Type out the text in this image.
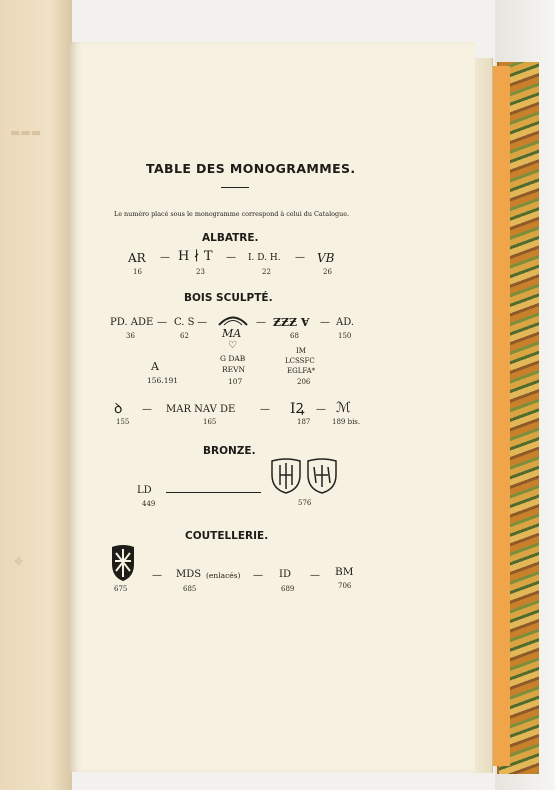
▬▬▬
✥
TABLE DES MONOGRAMMES.
Le numéro placé sous le monogramme correspond à celui du Catalogue.
ALBATRE.
AR
16
— H ∤ T
23
— I. D. H.
22
— VB
26
BOIS SCULPTÉ.
PD. ADE
36
— C. S
62
—
MA
♡
— ƵƵƵ Ɐ
68
— AD.
150
A
156.191
G DAB
REVN
107
IM
LCSSFC
EGLFA*
206
ꝺ
155
— MAR NAV DE
165
— IꝜ
187
— ℳ
189 bis.
BRONZE.
LD
449	576
COUTELLERIE.
675
— MDS (enlacés)
685
— ID
689
— BM
706
